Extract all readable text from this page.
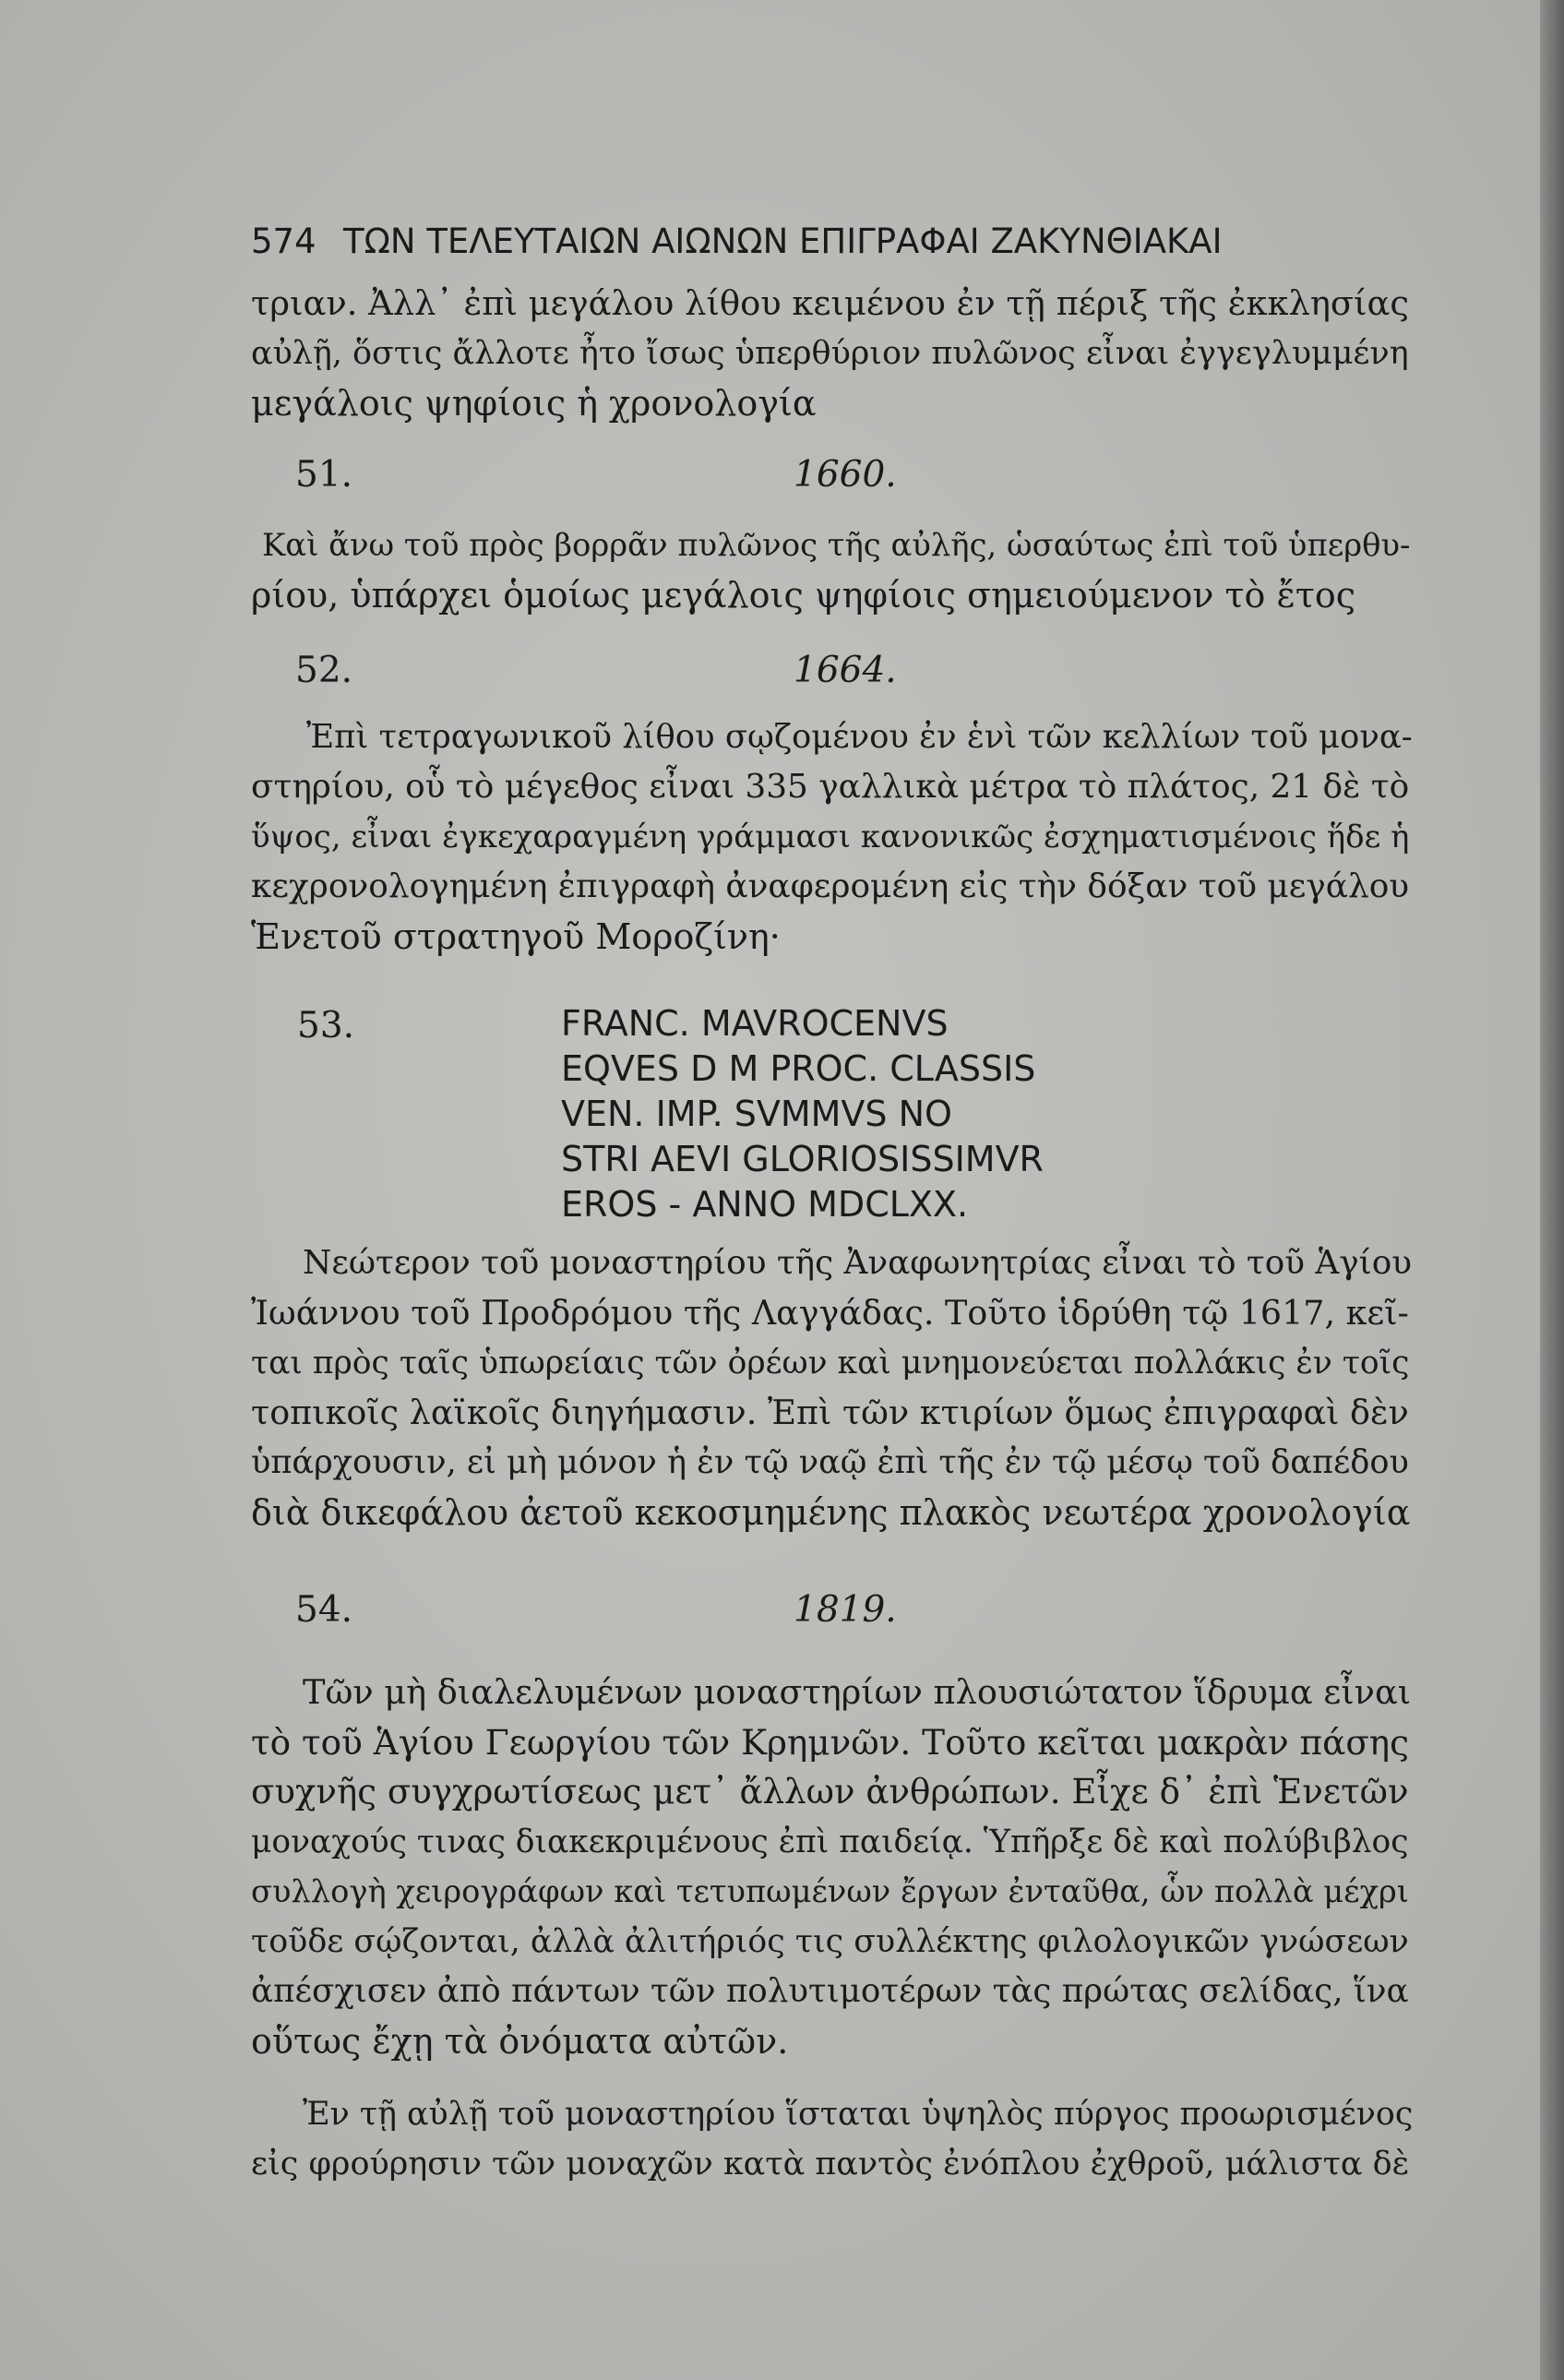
574 ΤΩΝ ΤΕΛΕΥΤΑΙΩΝ ΑΙΩΝΩΝ ΕΠΙΓΡΑΦΑΙ ΖΑΚΥΝΘΙΑΚΑΙ
τριαν. Ἀλλ᾽ ἐπὶ μεγάλου λίθου κειμένου ἐν τῇ πέριξ τῆς ἐκκλησίας
αὐλῇ, ὅστις ἄλλοτε ἦτο ἴσως ὑπερθύριον πυλῶνος εἶναι ἐγγεγλυμμένη
μεγάλοις ψηφίοις ἡ χρονολογία
51.	1660.
Καὶ ἄνω τοῦ πρὸς βορρᾶν πυλῶνος τῆς αὐλῆς, ὡσαύτως ἐπὶ τοῦ ὑπερθυ-
ρίου, ὑπάρχει ὁμοίως μεγάλοις ψηφίοις σημειούμενον τὸ ἔτος
52.	1664.
Ἐπὶ τετραγωνικοῦ λίθου σῳζομένου ἐν ἑνὶ τῶν κελλίων τοῦ μονα-
στηρίου, οὗ τὸ μέγεθος εἶναι 335 γαλλικὰ μέτρα τὸ πλάτος, 21 δὲ τὸ
ὕψος, εἶναι ἐγκεχαραγμένη γράμμασι κανονικῶς ἐσχηματισμένοις ἥδε ἡ
κεχρονολογημένη ἐπιγραφὴ ἀναφερομένη εἰς τὴν δόξαν τοῦ μεγάλου
Ἑνετοῦ στρατηγοῦ Μοροζίνη·
53.	FRANC. MAVROCENVS
EQVES D M PROC. CLASSIS
VEN. IMP. SVMMVS NO
STRI AEVI GLORIOSISSIMVR
EROS - ANNO MDCLXX.
Νεώτερον τοῦ μοναστηρίου τῆς Ἀναφωνητρίας εἶναι τὸ τοῦ Ἁγίου
Ἰωάννου τοῦ Προδρόμου τῆς Λαγγάδας. Τοῦτο ἱδρύθη τῷ 1617, κεῖ-
ται πρὸς ταῖς ὑπωρείαις τῶν ὀρέων καὶ μνημονεύεται πολλάκις ἐν τοῖς
τοπικοῖς λαϊκοῖς διηγήμασιν. Ἐπὶ τῶν κτιρίων ὅμως ἐπιγραφαὶ δὲν
ὑπάρχουσιν, εἰ μὴ μόνον ἡ ἐν τῷ ναῷ ἐπὶ τῆς ἐν τῷ μέσῳ τοῦ δαπέδου
διὰ δικεφάλου ἀετοῦ κεκοσμημένης πλακὸς νεωτέρα χρονολογία
54.	1819.
Τῶν μὴ διαλελυμένων μοναστηρίων πλουσιώτατον ἵδρυμα εἶναι
τὸ τοῦ Ἁγίου Γεωργίου τῶν Κρημνῶν. Τοῦτο κεῖται μακρὰν πάσης
συχνῆς συγχρωτίσεως μετ᾽ ἄλλων ἀνθρώπων. Εἶχε δ᾽ ἐπὶ Ἑνετῶν
μοναχούς τινας διακεκριμένους ἐπὶ παιδείᾳ. Ὑπῆρξε δὲ καὶ πολύβιβλος
συλλογὴ χειρογράφων καὶ τετυπωμένων ἔργων ἐνταῦθα, ὧν πολλὰ μέχρι
τοῦδε σῴζονται, ἀλλὰ ἀλιτήριός τις συλλέκτης φιλολογικῶν γνώσεων
ἀπέσχισεν ἀπὸ πάντων τῶν πολυτιμοτέρων τὰς πρώτας σελίδας, ἵνα
οὕτως ἔχῃ τὰ ὀνόματα αὐτῶν.
Ἐν τῇ αὐλῇ τοῦ μοναστηρίου ἵσταται ὑψηλὸς πύργος προωρισμένος
εἰς φρούρησιν τῶν μοναχῶν κατὰ παντὸς ἐνόπλου ἐχθροῦ, μάλιστα δὲ
